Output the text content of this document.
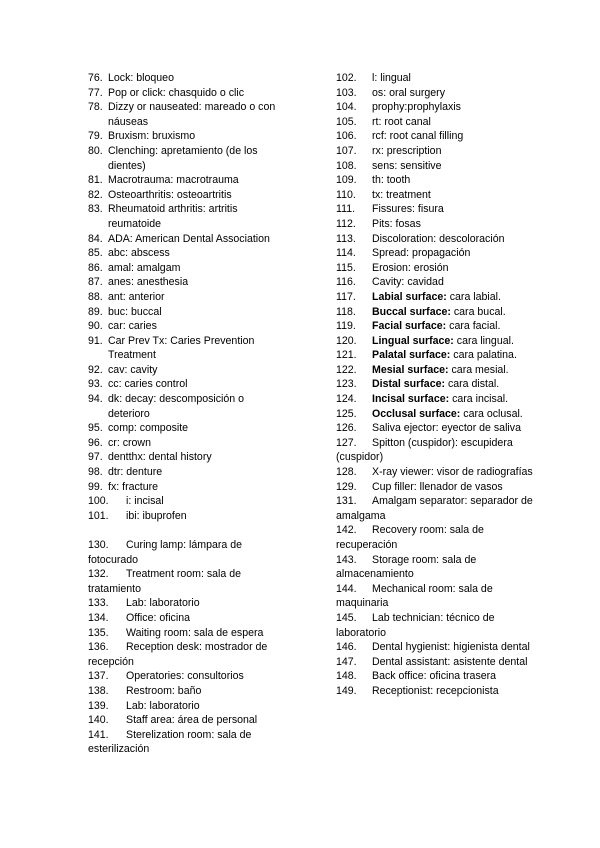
76. Lock: bloqueo

77. Pop or click: chasquido o clic

78. Dizzy or nauseated: mareado o con náuseas

79. Bruxism: bruxismo

80. Clenching: apretamiento (de los dientes)

81. Macrotrauma: macrotrauma

82. Osteoarthritis: osteoartritis

83. Rheumatoid arthritis: artritis reumatoide

84. ADA: American Dental Association

85. abc: abscess

86. amal: amalgam

87. anes: anesthesia

88. ant: anterior

89. buc: buccal

90. car: caries

91. Car Prev Tx: Caries Prevention Treatment

92. cav: cavity

93. cc: caries control

94. dk: decay: descomposición o deterioro

95. comp: composite

96. cr: crown

97. dentthx: dental history

98. dtr: denture

99. fx: fracture

100. i: incisal

101. ibi: ibuprofen

130. Curing lamp: lámpara de fotocurado

132. Treatment room: sala de tratamiento

133. Lab: laboratorio

134. Office: oficina

135. Waiting room: sala de espera

136. Reception desk: mostrador de recepción

137. Operatories: consultorios

138. Restroom: baño

139. Lab: laboratorio

140. Staff area: área de personal

141. Sterelization room: sala de esterilización

102. l: lingual

103. os: oral surgery

104. prophy:prophylaxis

105. rt: root canal

106. rcf: root canal filling

107. rx: prescription

108. sens: sensitive

109. th: tooth

110. tx: treatment

111. Fissures: fisura

112. Pits: fosas

113. Discoloration: descoloración

114. Spread: propagación

115. Erosion: erosión

116. Cavity: cavidad

117. Labial surface: cara labial.

118. Buccal surface: cara bucal.

119. Facial surface: cara facial.

120. Lingual surface: cara lingual.

121. Palatal surface: cara palatina.

122. Mesial surface: cara mesial.

123. Distal surface: cara distal.

124. Incisal surface: cara incisal.

125. Occlusal surface: cara oclusal.

126. Saliva ejector: eyector de saliva

127. Spitton (cuspidor): escupidera (cuspidor)

128. X-ray viewer: visor de radiografías

129. Cup filler: llenador de vasos

131. Amalgam separator: separador de amalgama

142. Recovery room: sala de recuperación

143. Storage room: sala de almacenamiento

144. Mechanical room: sala de maquinaria

145. Lab technician: técnico de laboratorio

146. Dental hygienist: higienista dental

147. Dental assistant: asistente dental

148. Back office: oficina trasera

149. Receptionist: recepcionista
